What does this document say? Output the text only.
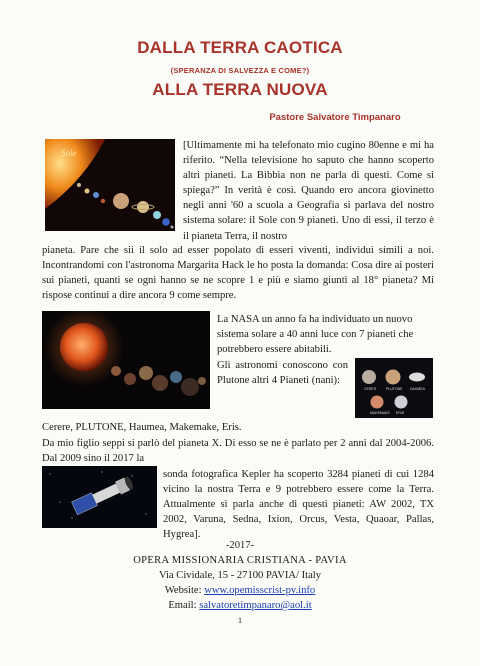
DALLA TERRA CAOTICA
(SPERANZA DI SALVEZZA E COME?)
ALLA TERRA NUOVA
Pastore Salvatore Timpanaro
Sole

[Ultimamente mi ha telefonato mio cugino 80enne e mi ha riferito. “Nella televisione ho saputo che hanno scoperto altri pianeti. La Bibbia non ne parla di questi. Come si spiega?” In verità è così. Quando ero ancora giovinetto negli anni '60 a scuola a Geografia si parlava del nostro sistema solare: il Sole con 9 pianeti. Uno di essi, il terzo è il pianeta Terra, il nostro

pianeta. Pare che sii il solo ad esser popolato di esseri viventi, individui simili a noi. Incontrandomi con l'astronoma Margarita Hack le ho posta la domanda: Cosa dire ai posteri sui pianeti, quanti se ogni hanno se ne scopre 1 e più e siamo giunti al 18° pianeta? Mi rispose continui a dire ancora 9 come sempre.

La NASA un anno fa ha individuato un nuovo sistema solare a 40 anni luce con 7 pianeti che potrebbero essere abitabili.

Gli astronomi conoscono con Plutone altri 4 Pianeti (nani):

CERES	PLUTONE HAUMEA
MAKEMAKE ERIS
Cerere, PLUTONE, Haumea, Makemake, Eris.

Da mio figlio seppi si parlò del pianeta X. Di esso se ne è parlato per 2 anni dal 2004-2006. Dal 2009 sino il 2017 la

sonda fotografica Kepler ha scoperto 3284 pianeti di cui 1284 vicino la nostra Terra e 9 potrebbero essere come la Terra. Attualmente si parla anche di questi pianeti: AW 2002, TX 2002, Varuna, Sedna, Ixion, Orcus, Vesta, Quaoar, Pallas, Hygrea].

-2017-
OPERA MISSIONARIA CRISTIANA - PAVIA
Via Cividale, 15 - 27100 PAVIA/ Italy
Website: www.opemisscrist-pv.info
Email: salvatoretimpanaro@aol.it
1
